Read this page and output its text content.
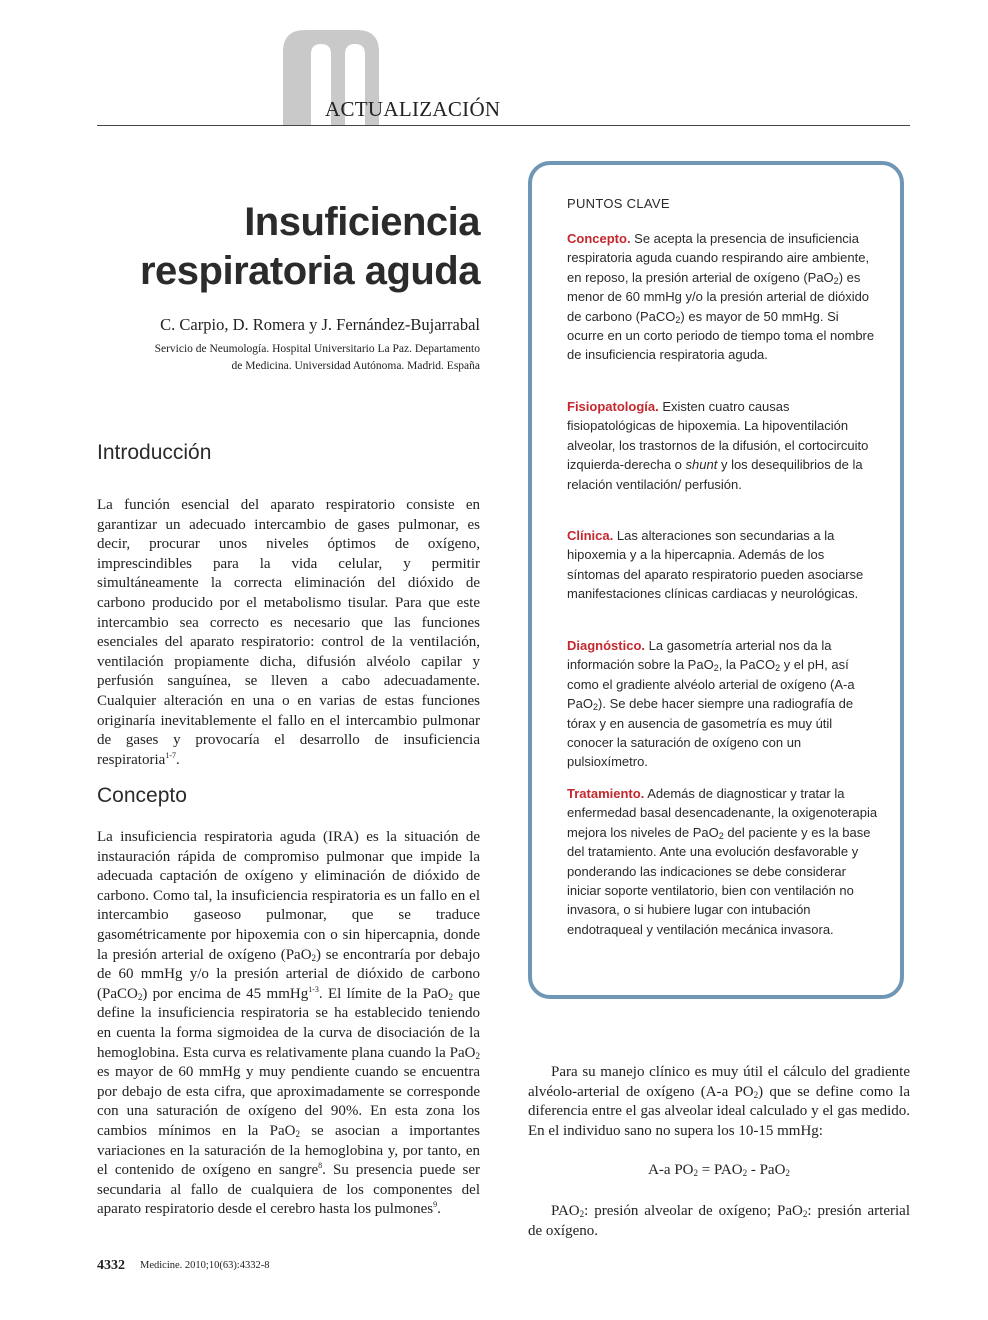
ACTUALIZACIÓN
Insuficiencia
respiratoria aguda
C. Carpio, D. Romera y J. Fernández-Bujarrabal
Servicio de Neumología. Hospital Universitario La Paz. Departamento
de Medicina. Universidad Autónoma. Madrid. España
Introducción

La función esencial del aparato respiratorio consiste en garantizar un adecuado intercambio de gases pulmonar, es decir, procurar unos niveles óptimos de oxígeno, imprescindibles para la vida celular, y permitir simultáneamente la correcta eliminación del dióxido de carbono producido por el metabolismo tisular. Para que este intercambio sea correcto es necesario que las funciones esenciales del aparato respiratorio: control de la ventilación, ventilación propiamente dicha, difusión alvéolo capilar y perfusión sanguínea, se lleven a cabo adecuadamente. Cualquier alteración en una o en varias de estas funciones originaría inevitablemente el fallo en el intercambio pulmonar de gases y provocaría el desarrollo de insuficiencia respiratoria$^{1-7}$.

Concepto

La insuficiencia respiratoria aguda (IRA) es la situación de instauración rápida de compromiso pulmonar que impide la adecuada captación de oxígeno y eliminación de dióxido de carbono. Como tal, la insuficiencia respiratoria es un fallo en el intercambio gaseoso pulmonar, que se traduce gasométricamente por hipoxemia con o sin hipercapnia, donde la presión arterial de oxígeno (PaO$_2$) se encontraría por debajo de 60 mmHg y/o la presión arterial de dióxido de carbono (PaCO$_2$) por encima de 45 mmHg$^{1-3}$. El límite de la PaO$_2$ que define la insuficiencia respiratoria se ha establecido teniendo en cuenta la forma sigmoidea de la curva de disociación de la hemoglobina. Esta curva es relativamente plana cuando la PaO$_2$ es mayor de 60 mmHg y muy pendiente cuando se encuentra por debajo de esta cifra, que aproximadamente se corresponde con una saturación de oxígeno del 90%. En esta zona los cambios mínimos en la PaO$_2$ se asocian a importantes variaciones en la saturación de la hemoglobina y, por tanto, en el contenido de oxígeno en sangre$^8$. Su presencia puede ser secundaria al fallo de cualquiera de los componentes del aparato respiratorio desde el cerebro hasta los pulmones$^9$.

PUNTOS CLAVE

Concepto. Se acepta la presencia de insuficiencia respiratoria aguda cuando respirando aire ambiente, en reposo, la presión arterial de oxígeno (PaO$_2$) es menor de 60 mmHg y/o la presión arterial de dióxido de carbono (PaCO$_2$) es mayor de 50 mmHg. Si ocurre en un corto periodo de tiempo toma el nombre de insuficiencia respiratoria aguda.

Fisiopatología. Existen cuatro causas fisiopatológicas de hipoxemia. La hipoventilación alveolar, los trastornos de la difusión, el cortocircuito izquierda-derecha o shunt y los desequilibrios de la relación ventilación/ perfusión.

Clínica. Las alteraciones son secundarias a la hipoxemia y a la hipercapnia. Además de los síntomas del aparato respiratorio pueden asociarse manifestaciones clínicas cardiacas y neurológicas.

Diagnóstico. La gasometría arterial nos da la información sobre la PaO$_2$, la PaCO$_2$ y el pH, así como el gradiente alvéolo arterial de oxígeno (A-a PaO$_2$). Se debe hacer siempre una radiografía de tórax y en ausencia de gasometría es muy útil conocer la saturación de oxígeno con un pulsioxímetro.

Tratamiento. Además de diagnosticar y tratar la enfermedad basal desencadenante, la oxigenoterapia mejora los niveles de PaO$_2$ del paciente y es la base del tratamiento. Ante una evolución desfavorable y ponderando las indicaciones se debe considerar iniciar soporte ventilatorio, bien con ventilación no invasora, o si hubiere lugar con intubación endotraqueal y ventilación mecánica invasora.

Para su manejo clínico es muy útil el cálculo del gradiente alvéolo-arterial de oxígeno (A-a $PO_2$) que se define como la diferencia entre el gas alveolar ideal calculado y el gas medido. En el individuo sano no supera los 10-15 mmHg:

A-a $PO_2 = PAO_2 - PaO_2$

$PAO_2$: presión alveolar de oxígeno; PaO$_2$: presión arterial de oxígeno.

4332 Medicine. 2010;10(63):4332-8
